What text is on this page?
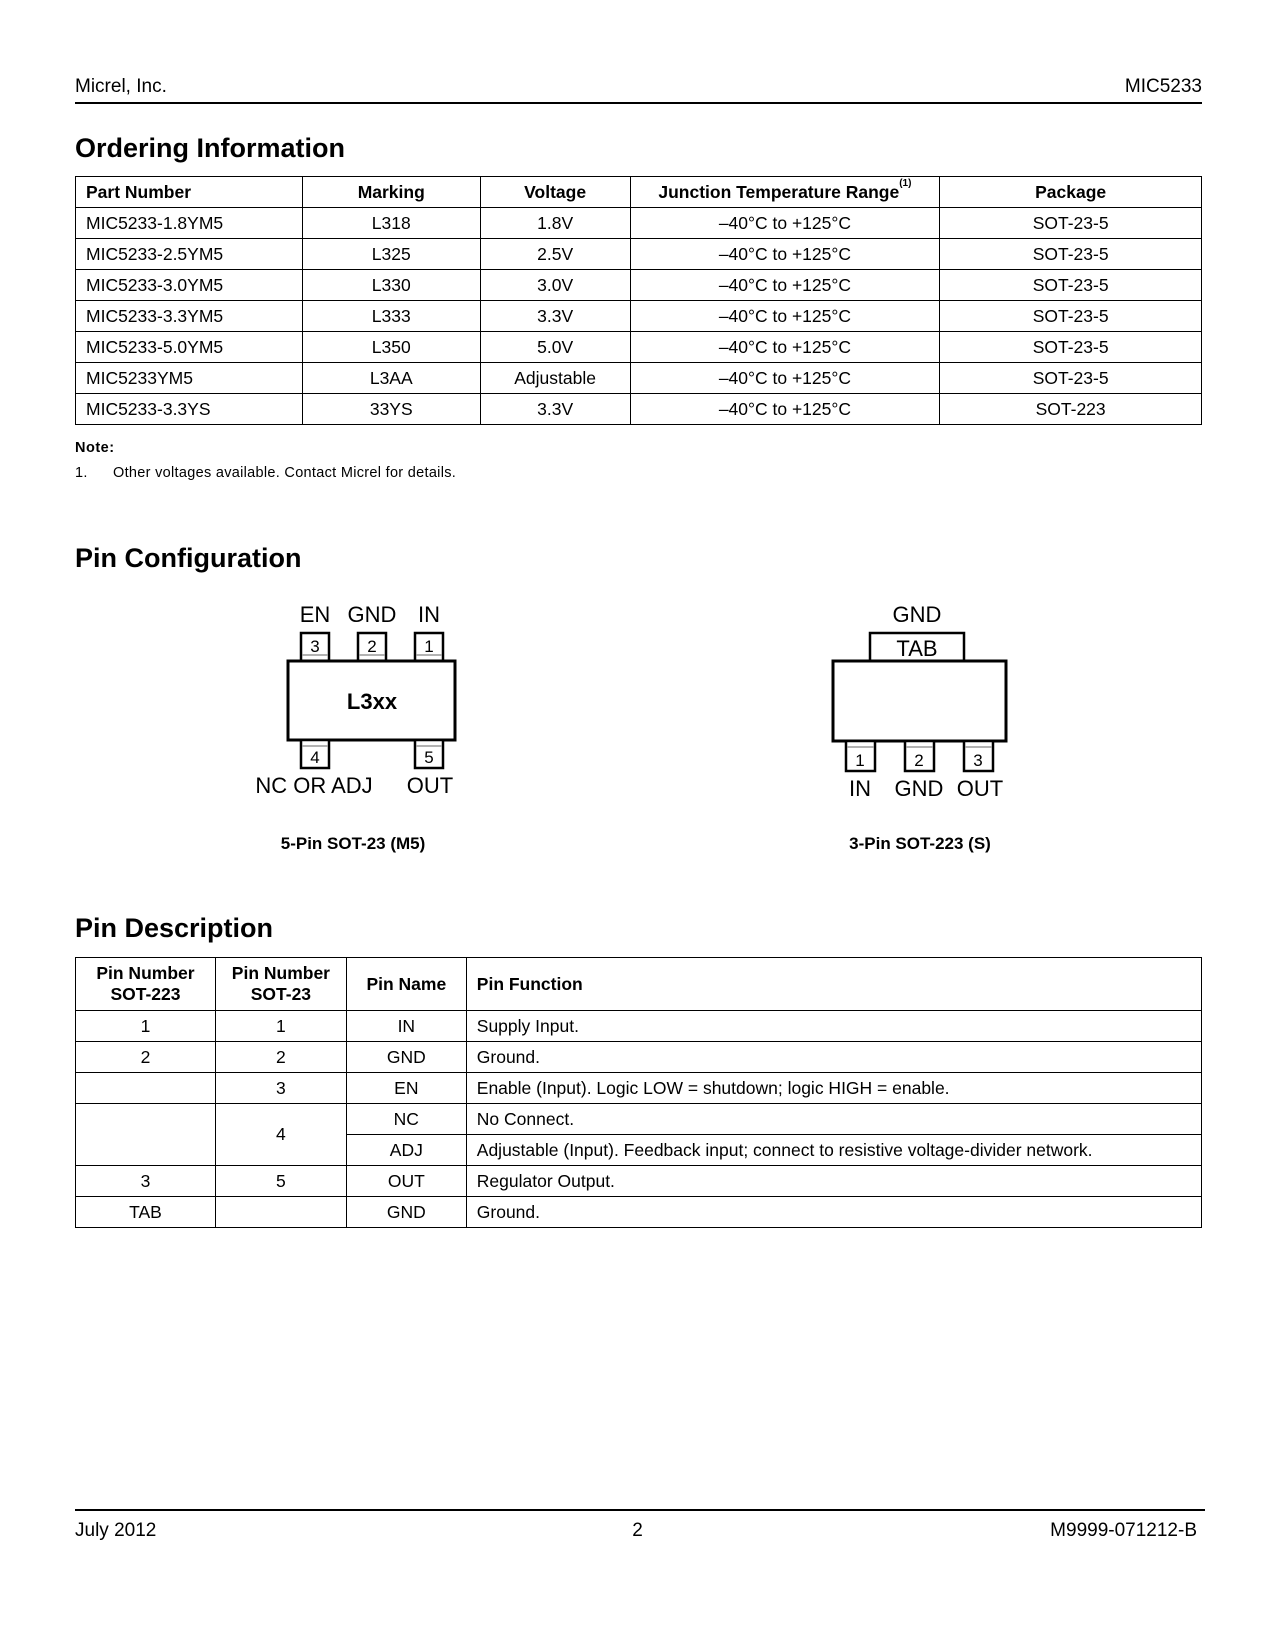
Micrel, Inc.	MIC5233
Ordering Information
Part Number	Marking	Voltage	Junction Temperature Range$^{(1)}$	Package
MIC5233-1.8YM5	L318	1.8V	–40°C to +125°C	SOT-23-5
MIC5233-2.5YM5	L325	2.5V	–40°C to +125°C	SOT-23-5
MIC5233-3.0YM5	L330	3.0V	–40°C to +125°C	SOT-23-5
MIC5233-3.3YM5	L333	3.3V	–40°C to +125°C	SOT-23-5
MIC5233-5.0YM5	L350	5.0V	–40°C to +125°C	SOT-23-5
MIC5233YM5	L3AA	Adjustable	–40°C to +125°C	SOT-23-5
MIC5233-3.3YS	33YS	3.3V	–40°C to +125°C	SOT-223
Note:
1. Other voltages available. Contact Micrel for details.
Pin Configuration
EN GND IN
3	2	1
L3xx
4	5
NC OR ADJ OUT
5-Pin SOT-23 (M5)
GND
TAB
1	2	3
IN GND OUT
3-Pin SOT-223 (S)
Pin Description
Pin Number
SOT-223	Pin Number
SOT-23	Pin Name	Pin Function
1	1	IN	Supply Input.
2	2	GND	Ground.
	3	EN	Enable (Input). Logic LOW = shutdown; logic HIGH = enable.
	4	NC	No Connect.
		ADJ	Adjustable (Input). Feedback input; connect to resistive voltage-divider network.
3	5	OUT	Regulator Output.
TAB		GND	Ground.
July 2012	2	M9999-071212-B
